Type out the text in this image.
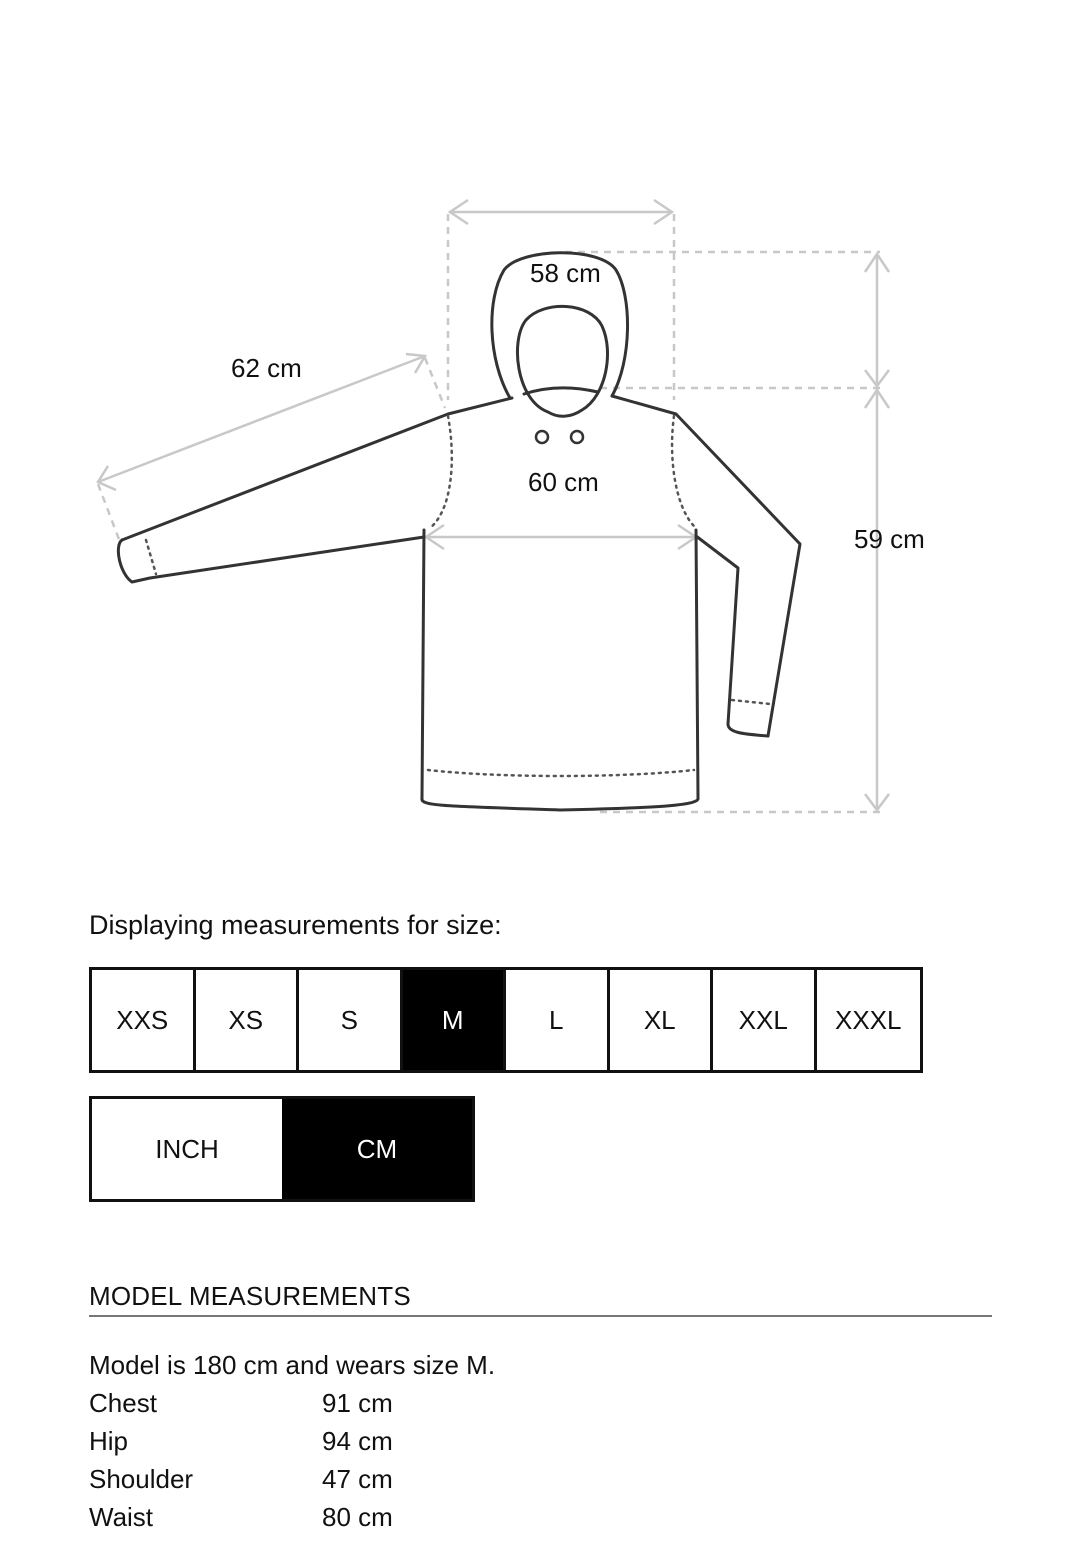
62 cm
58 cm
60 cm
59 cm
Displaying measurements for size:
XXS	XS	S	M	L	XL	XXL	XXXL
INCH	CM
MODEL MEASUREMENTS
Model is 180 cm and wears size M.
Chest	91 cm
Hip	94 cm
Shoulder	47 cm
Waist	80 cm
